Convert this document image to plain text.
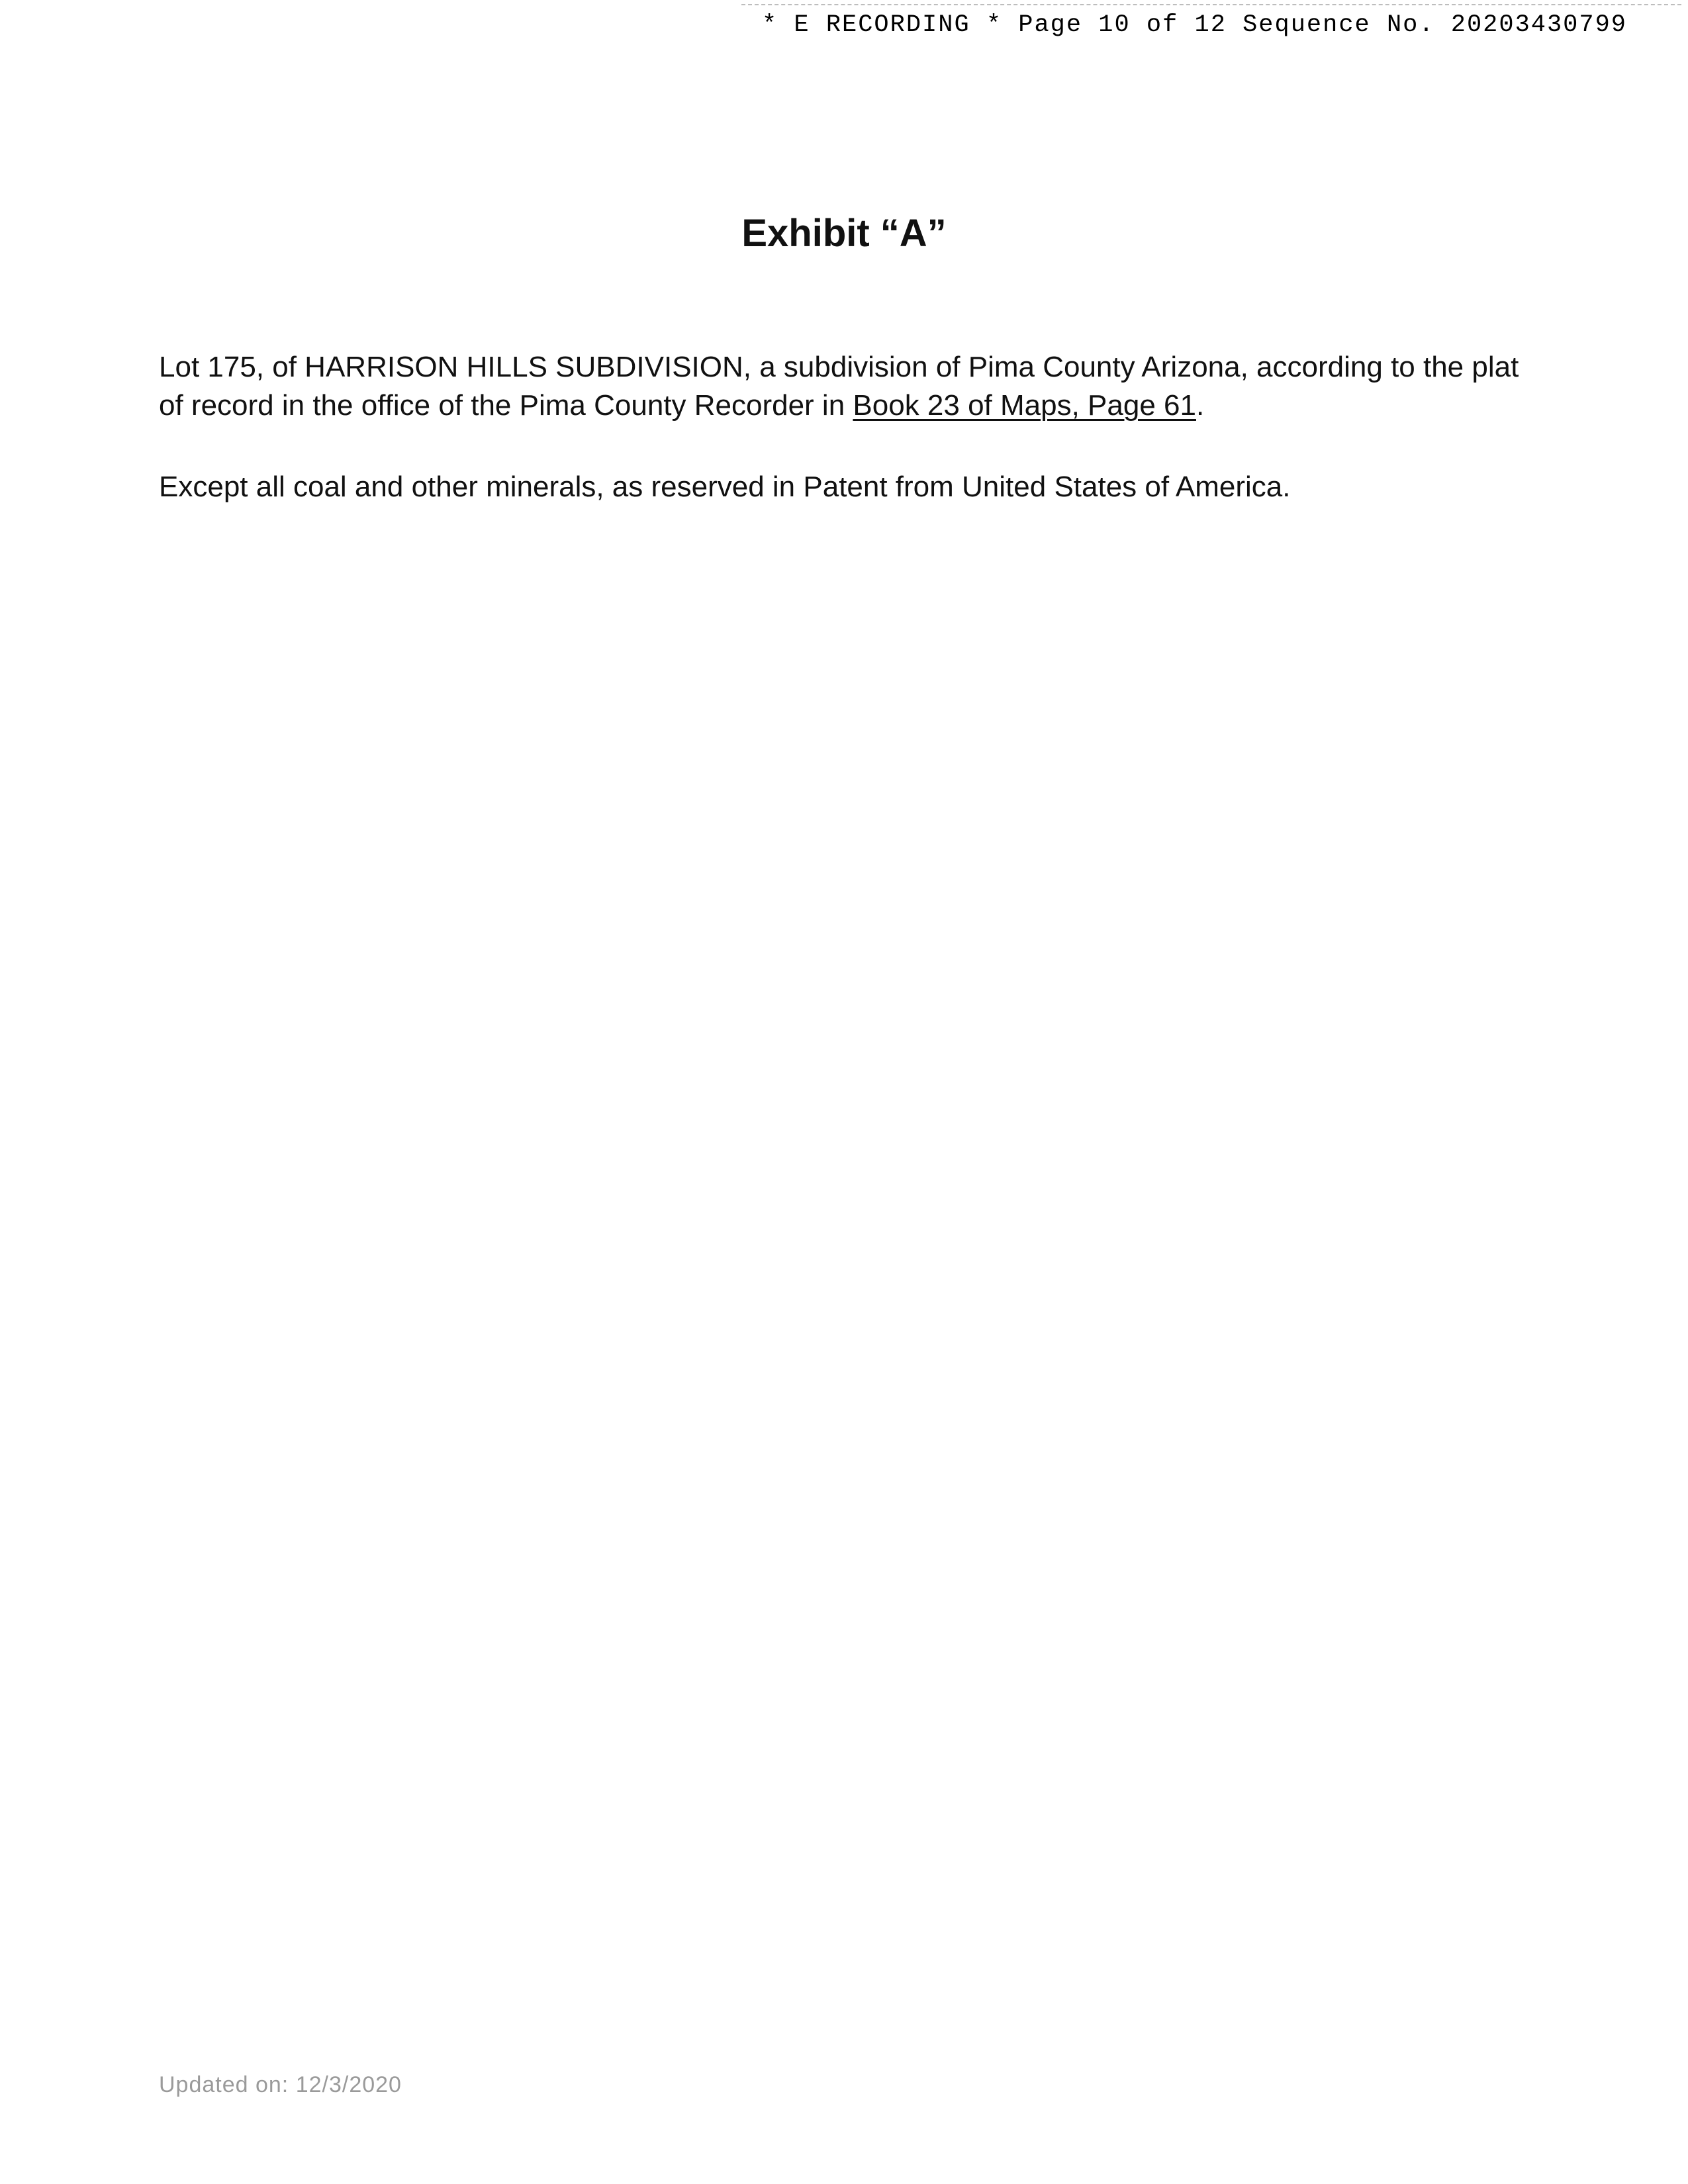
* E RECORDING * Page 10 of 12 Sequence No. 20203430799
Exhibit “A”

Lot 175, of HARRISON HILLS SUBDIVISION, a subdivision of Pima County Arizona, according to the plat of record in the office of the Pima County Recorder in Book 23 of Maps, Page 61.

Except all coal and other minerals, as reserved in Patent from United States of America.

Updated on: 12/3/2020
